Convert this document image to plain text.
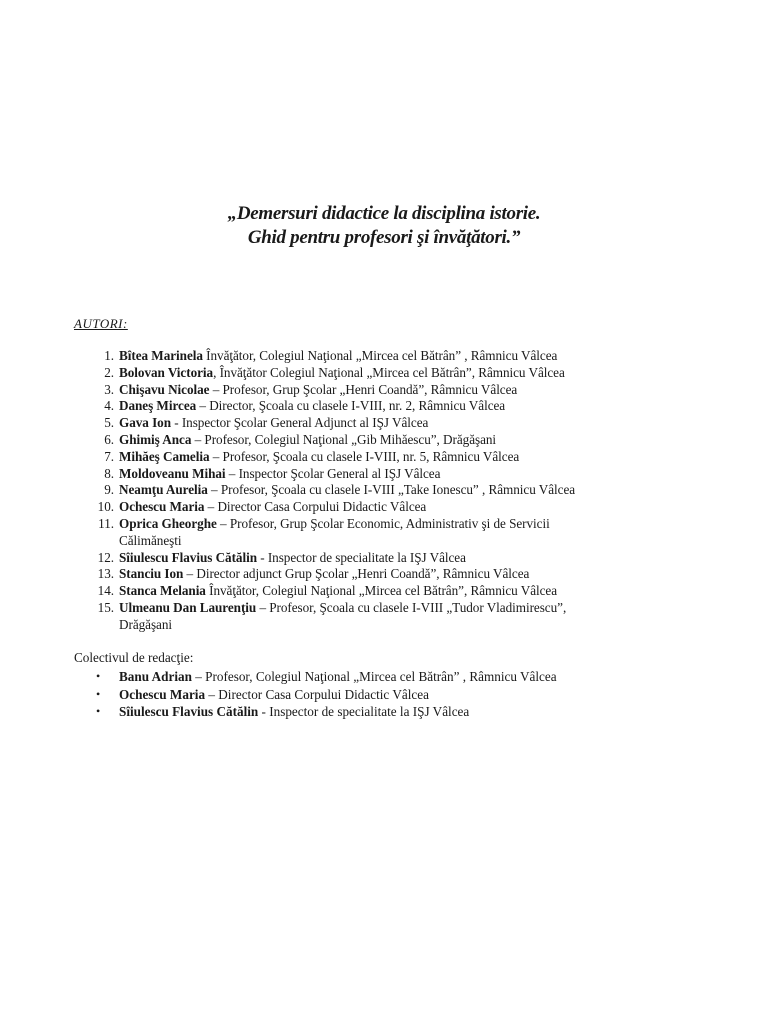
„Demersuri didactice la disciplina istorie.
Ghid pentru profesori şi învăţători.”
AUTORI:
1. Bîtea Marinela Învăţător, Colegiul Naţional „Mircea cel Bătrân” , Râmnicu Vâlcea
2. Bolovan Victoria, Învăţător Colegiul Naţional „Mircea cel Bătrân”, Râmnicu Vâlcea
3. Chişavu Nicolae – Profesor, Grup Şcolar „Henri Coandă”, Râmnicu Vâlcea
4. Daneş Mircea – Director, Şcoala cu clasele I-VIII, nr. 2, Râmnicu Vâlcea
5. Gava Ion - Inspector Şcolar General Adjunct al IŞJ Vâlcea
6. Ghimiş Anca – Profesor, Colegiul Naţional „Gib Mihăescu”, Drăgăşani
7. Mihăeş Camelia – Profesor, Şcoala cu clasele I-VIII, nr. 5, Râmnicu Vâlcea
8. Moldoveanu Mihai – Inspector Şcolar General al IŞJ Vâlcea
9. Neamţu Aurelia – Profesor, Şcoala cu clasele I-VIII „Take Ionescu” , Râmnicu Vâlcea
10. Ochescu Maria – Director Casa Corpului Didactic Vâlcea
11. Oprica Gheorghe – Profesor, Grup Şcolar Economic, Administrativ şi de Servicii
Călimăneşti
12. Sîiulescu Flavius Cătălin - Inspector de specialitate la IŞJ Vâlcea
13. Stanciu Ion – Director adjunct Grup Şcolar „Henri Coandă”, Râmnicu Vâlcea
14. Stanca Melania Învăţător, Colegiul Naţional „Mircea cel Bătrân”, Râmnicu Vâlcea
15. Ulmeanu Dan Laurenţiu – Profesor, Şcoala cu clasele I-VIII „Tudor Vladimirescu”,
Drăgăşani
Colectivul de redacţie:
• Banu Adrian – Profesor, Colegiul Naţional „Mircea cel Bătrân” , Râmnicu Vâlcea
• Ochescu Maria – Director Casa Corpului Didactic Vâlcea
• Sîiulescu Flavius Cătălin - Inspector de specialitate la IŞJ Vâlcea
